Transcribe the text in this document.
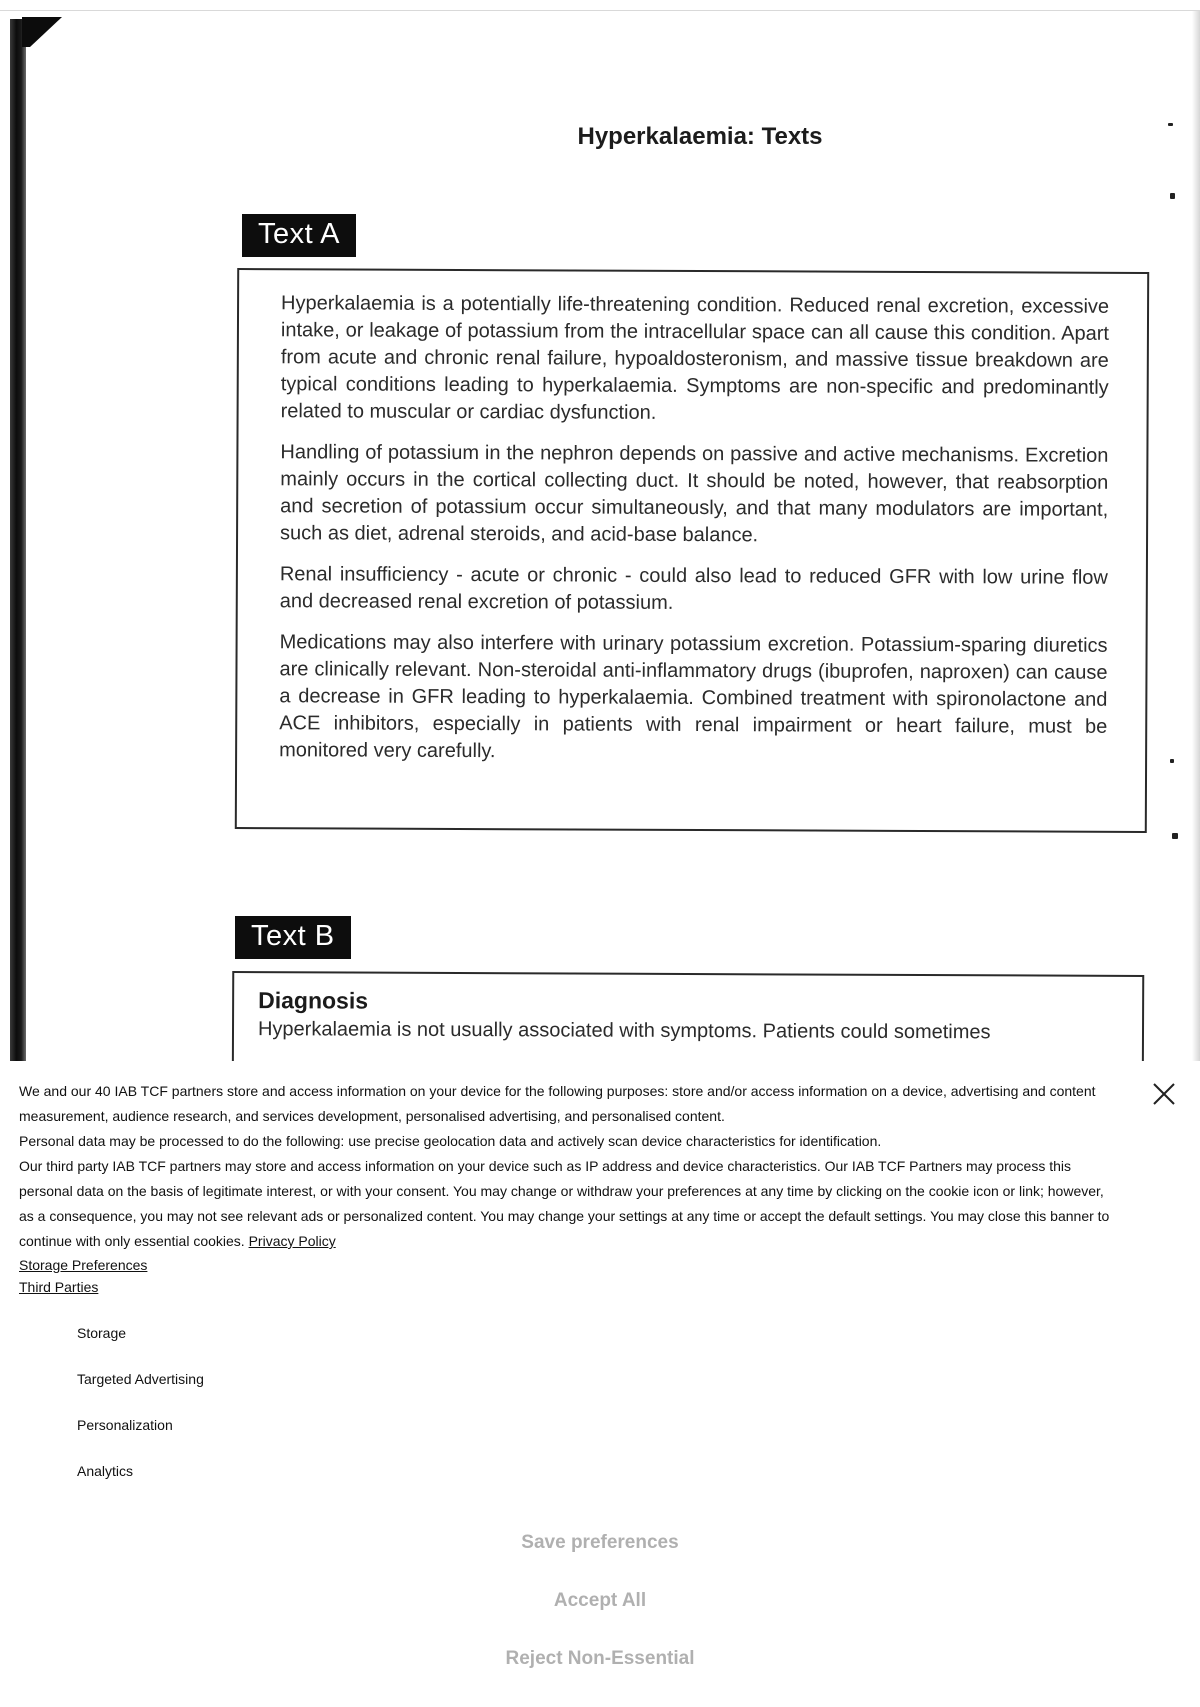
Hyperkalaemia: Texts
Text A

Hyperkalaemia is a potentially life-threatening condition. Reduced renal excretion, excessive intake, or leakage of potassium from the intracellular space can all cause this condition. Apart from acute and chronic renal failure, hypoaldosteronism, and massive tissue breakdown are typical conditions leading to hyperkalaemia. Symptoms are non-specific and predominantly related to muscular or cardiac dysfunction.

Handling of potassium in the nephron depends on passive and active mechanisms. Excretion mainly occurs in the cortical collecting duct. It should be noted, however, that reabsorption and secretion of potassium occur simultaneously, and that many modulators are important, such as diet, adrenal steroids, and acid-base balance.

Renal insufficiency - acute or chronic - could also lead to reduced GFR with low urine flow and decreased renal excretion of potassium.

Medications may also interfere with urinary potassium excretion. Potassium-sparing diuretics are clinically relevant. Non-steroidal anti-inflammatory drugs (ibuprofen, naproxen) can cause a decrease in GFR leading to hyperkalaemia. Combined treatment with spironolactone and ACE inhibitors, especially in patients with renal impairment or heart failure, must be monitored very carefully.

Text B
Diagnosis

Hyperkalaemia is not usually associated with symptoms. Patients could sometimes

We and our 40 IAB TCF partners store and access information on your device for the following purposes: store and/or access information on a device, advertising and content measurement, audience research, and services development, personalised advertising, and personalised content.

Personal data may be processed to do the following: use precise geolocation data and actively scan device characteristics for identification.

Our third party IAB TCF partners may store and access information on your device such as IP address and device characteristics. Our IAB TCF Partners may process this personal data on the basis of legitimate interest, or with your consent. You may change or withdraw your preferences at any time by clicking on the cookie icon or link; however, as a consequence, you may not see relevant ads or personalized content. You may change your settings at any time or accept the default settings. You may close this banner to continue with only essential cookies. Privacy Policy

Storage Preferences
Third Parties
Storage
Targeted Advertising
Personalization
Analytics
Save preferences
Accept All
Reject Non-Essential
